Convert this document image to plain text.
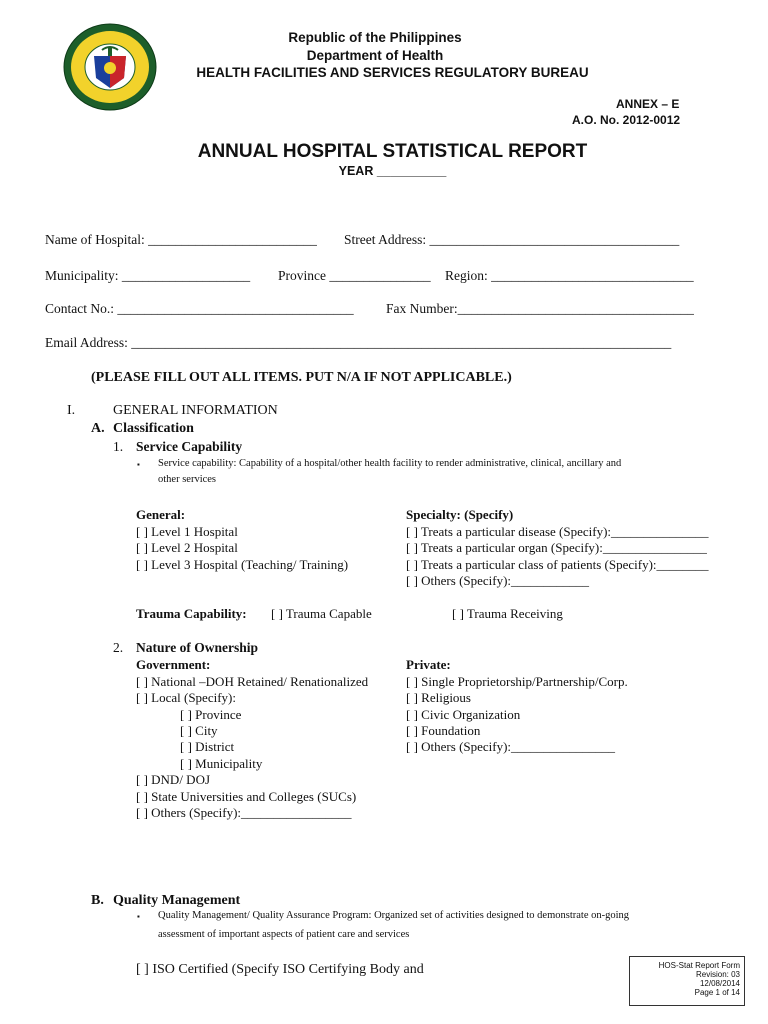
Republic of the Philippines
Department of Health
HEALTH FACILITIES AND SERVICES REGULATORY BUREAU
ANNEX – E
A.O. No. 2012-0012
ANNUAL HOSPITAL STATISTICAL REPORT
YEAR __________
Name of Hospital: _________________________ Street Address: _____________________________________
Municipality: ___________________ Province _______________ Region: ______________________________
Contact No.: ___________________________________ Fax Number:___________________________________
Email Address: ________________________________________________________________________________
(PLEASE FILL OUT ALL ITEMS. PUT N/A IF NOT APPLICABLE.)
I.	GENERAL INFORMATION
A. Classification
1. Service Capability
▪ Service capability: Capability of a hospital/other health facility to render administrative, clinical, ancillary and
other services
General:
[ ] Level 1 Hospital
[ ] Level 2 Hospital
[ ] Level 3 Hospital (Teaching/ Training)
Specialty: (Specify)
[ ] Treats a particular disease (Specify):_______________
[ ] Treats a particular organ (Specify):________________
[ ] Treats a particular class of patients (Specify):________
[ ] Others (Specify):____________
Trauma Capability: [ ] Trauma Capable	[ ] Trauma Receiving
2. Nature of Ownership
Government:
[ ] National –DOH Retained/ Renationalized
[ ] Local (Specify):
[ ] Province
[ ] City
[ ] District
[ ] Municipality
[ ] DND/ DOJ
[ ] State Universities and Colleges (SUCs)
[ ] Others (Specify):_________________
Private:
[ ] Single Proprietorship/Partnership/Corp.
[ ] Religious
[ ] Civic Organization
[ ] Foundation
[ ] Others (Specify):________________
B. Quality Management
▪ Quality Management/ Quality Assurance Program: Organized set of activities designed to demonstrate on-going
assessment of important aspects of patient care and services
[ ] ISO Certified (Specify ISO Certifying Body and	HOS-Stat Report Form
Revision: 03
12/08/2014
Page 1 of 14
